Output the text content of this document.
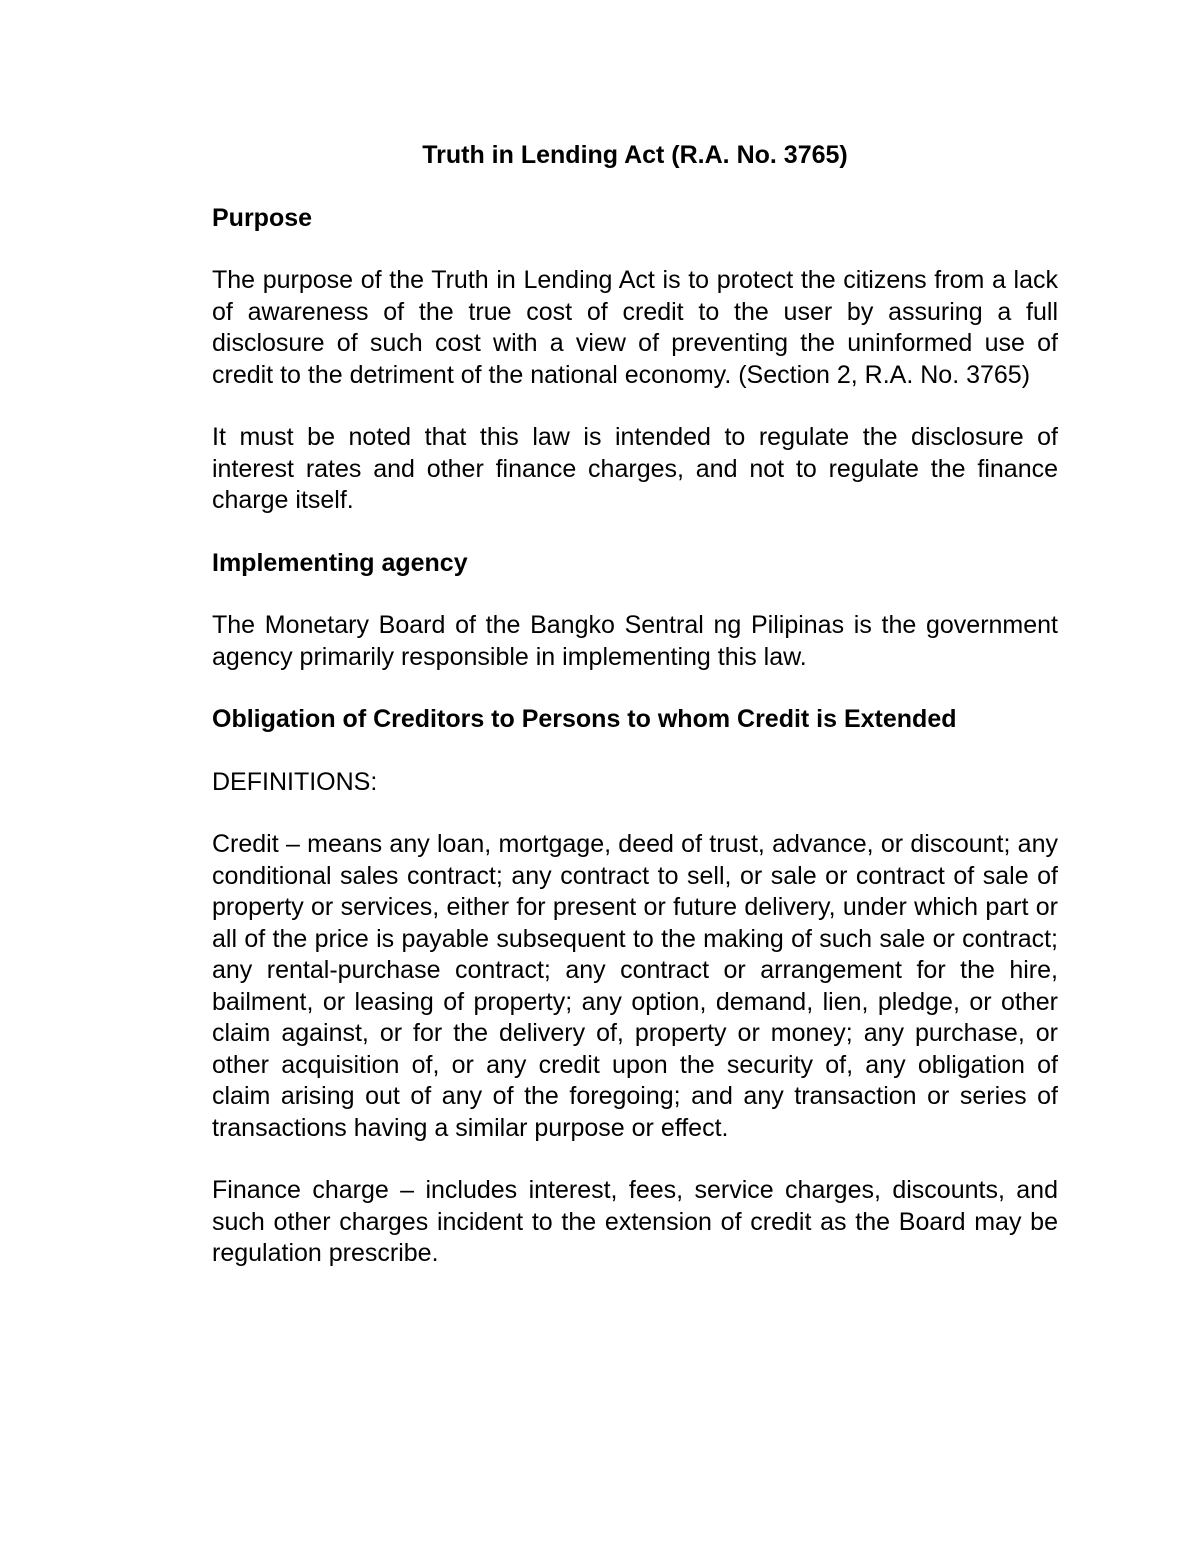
Truth in Lending Act (R.A. No. 3765)

Purpose

The purpose of the Truth in Lending Act is to protect the citizens from a lack of awareness of the true cost of credit to the user by assuring a full disclosure of such cost with a view of preventing the uninformed use of credit to the detriment of the national economy. (Section 2, R.A. No. 3765)

It must be noted that this law is intended to regulate the disclosure of interest rates and other finance charges, and not to regulate the finance charge itself.

Implementing agency

The Monetary Board of the Bangko Sentral ng Pilipinas is the government agency primarily responsible in implementing this law.

Obligation of Creditors to Persons to whom Credit is Extended

DEFINITIONS:

Credit – means any loan, mortgage, deed of trust, advance, or discount; any conditional sales contract; any contract to sell, or sale or contract of sale of property or services, either for present or future delivery, under which part or all of the price is payable subsequent to the making of such sale or contract; any rental-purchase contract; any contract or arrangement for the hire, bailment, or leasing of property; any option, demand, lien, pledge, or other claim against, or for the delivery of, property or money; any purchase, or other acquisition of, or any credit upon the security of, any obligation of claim arising out of any of the foregoing; and any transaction or series of transactions having a similar purpose or effect.

Finance charge – includes interest, fees, service charges, discounts, and such other charges incident to the extension of credit as the Board may be regulation prescribe.
